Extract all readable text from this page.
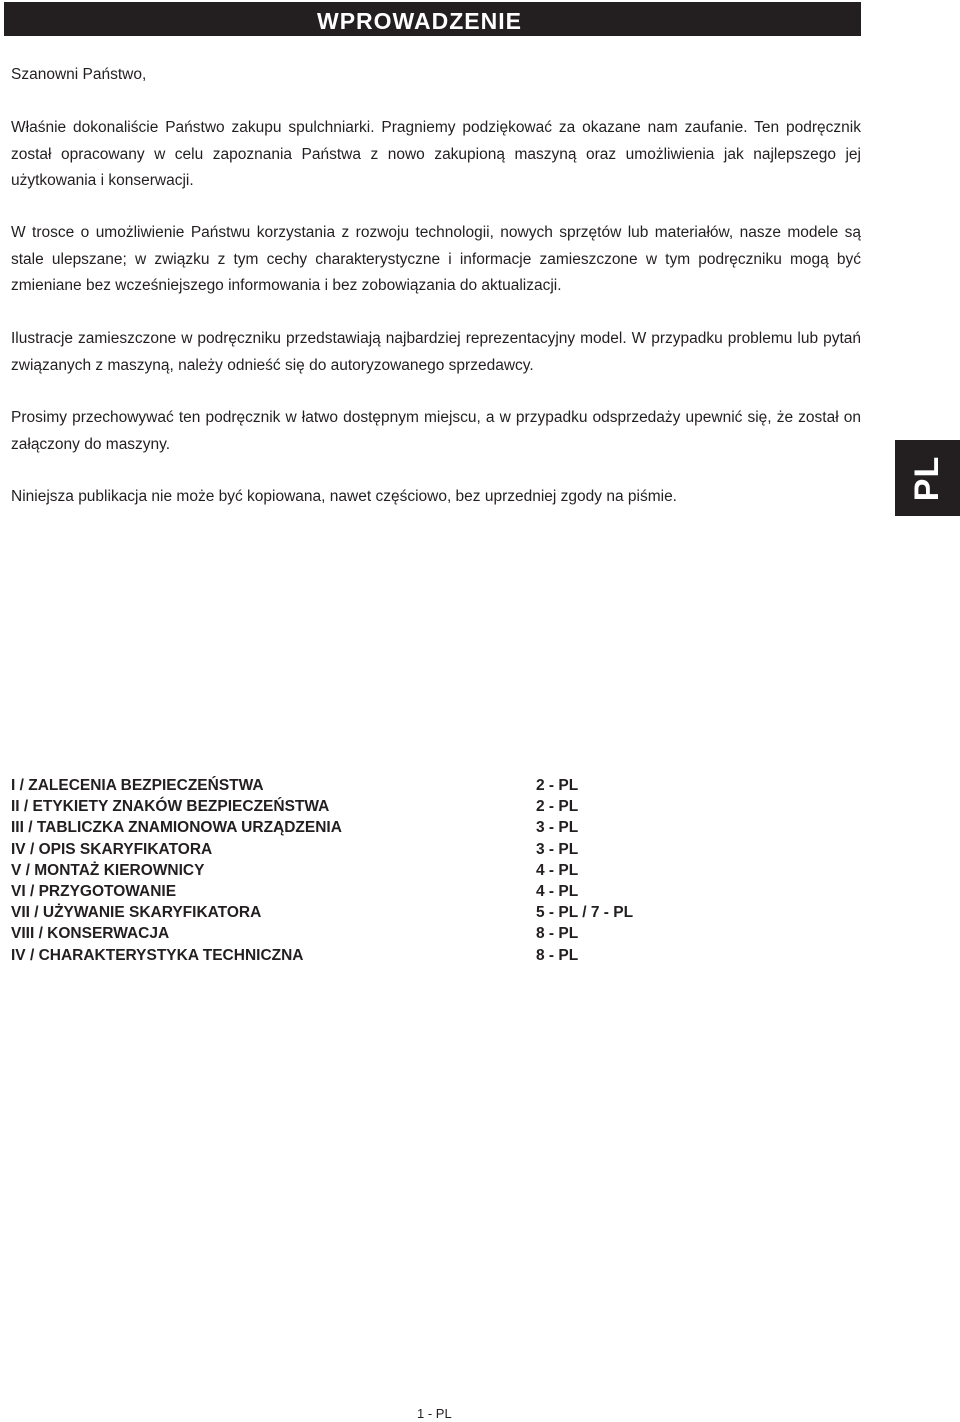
WPROWADZENIE

Szanowni Państwo,

Właśnie dokonaliście Państwo zakupu spulchniarki. Pragniemy podziękować za okazane nam zaufanie. Ten podręcznik został opracowany w celu zapoznania Państwa z nowo zakupioną maszyną oraz umożliwienia jak najlepszego jej użytkowania i konserwacji.

W trosce o umożliwienie Państwu korzystania z rozwoju technologii, nowych sprzętów lub materiałów, nasze modele są stale ulepszane; w związku z tym cechy charakterystyczne i informacje zamieszczone w tym podręczniku mogą być zmieniane bez wcześniejszego informowania i bez zobowiązania do aktualizacji.

Ilustracje zamieszczone w podręczniku przedstawiają najbardziej reprezentacyjny model. W przypadku problemu lub pytań związanych z maszyną, należy odnieść się do autoryzowanego sprzedawcy.

Prosimy przechowywać ten podręcznik w łatwo dostępnym miejscu, a w przypadku odsprzedaży upewnić się, że został on załączony do maszyny.

Niniejsza publikacja nie może być kopiowana, nawet częściowo, bez uprzedniej zgody na piśmie.	PL
I / ZALECENIA BEZPIECZEŃSTWA	2 - PL
II / ETYKIETY ZNAKÓW BEZPIECZEŃSTWA	2 - PL
III / TABLICZKA ZNAMIONOWA URZĄDZENIA	3 - PL
IV / OPIS SKARYFIKATORA	3 - PL
V / MONTAŻ KIEROWNICY	4 - PL
VI / PRZYGOTOWANIE	4 - PL
VII / UŻYWANIE SKARYFIKATORA	5 - PL / 7 - PL
VIII / KONSERWACJA	8 - PL
IV / CHARAKTERYSTYKA TECHNICZNA	8 - PL
1 - PL
